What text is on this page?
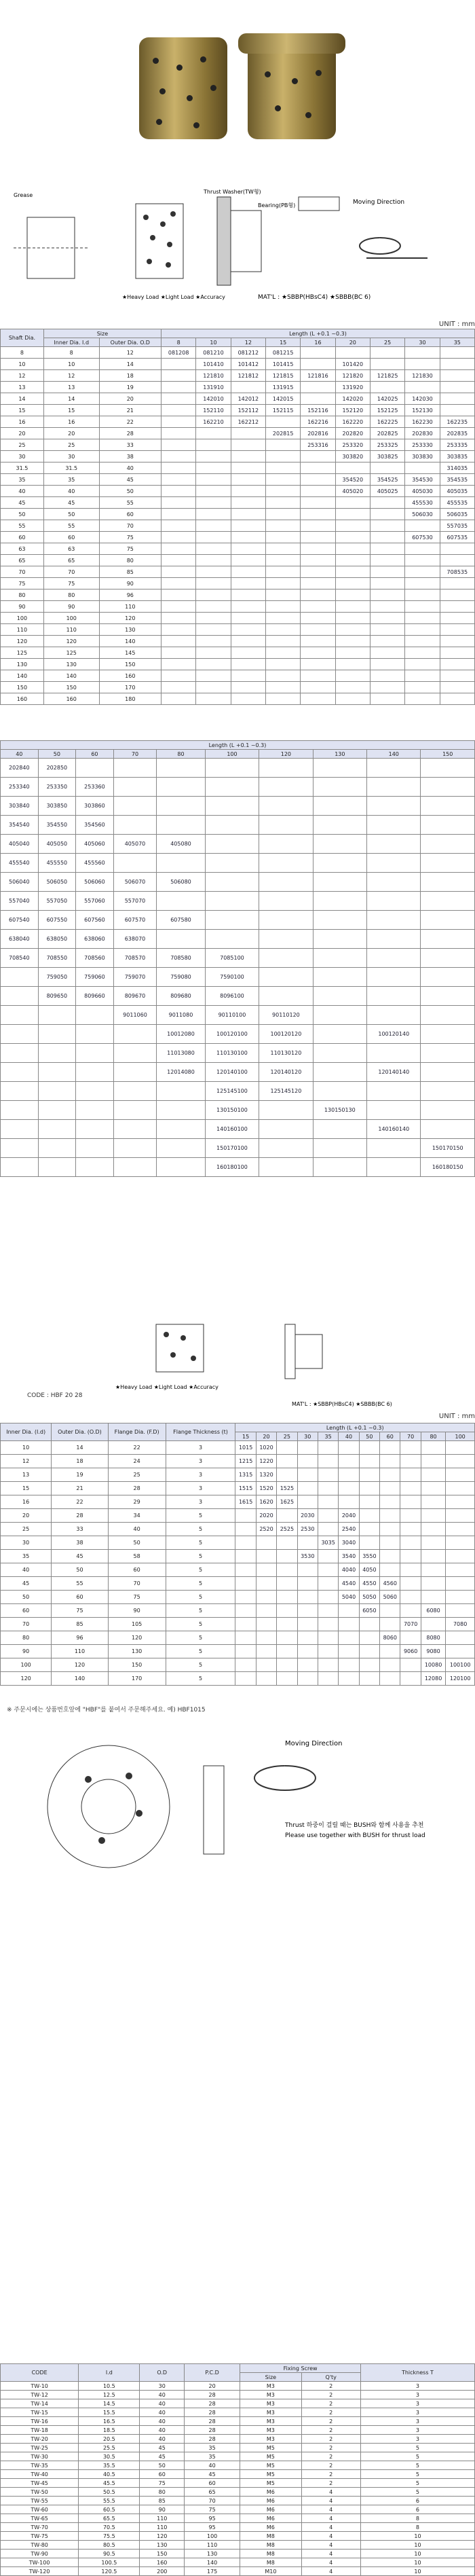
Moving Direction
Thrust Washer(TW형)
Bearing(PB형)
Grease
MAT'L : ★SBBP(HBsC4) ★SBBB(BC 6)
★Heavy Load ★Light Load ★Accuracy
UNIT : mm
Shaft Dia.	Size		Length (L +0.1 ~0.3)								
	Inner Dia. I.d	Outer Dia. O.D	8	10	12	15	16	20	25	30	35
8	8	12	081208	081210	081212	081215					
10	10	14		101410	101412	101415		101420			
12	12	18		121810	121812	121815	121816	121820	121825	121830	
13	13	19		131910		131915		131920			
14	14	20		142010	142012	142015		142020	142025	142030	
15	15	21		152110	152112	152115	152116	152120	152125	152130	
16	16	22		162210	162212		162216	162220	162225	162230	162235
20	20	28				202815	202816	202820	202825	202830	202835
25	25	33					253316	253320	253325	253330	253335
30	30	38						303820	303825	303830	303835
31.5	31.5	40									314035
35	35	45						354520	354525	354530	354535
40	40	50						405020	405025	405030	405035
45	45	55								455530	455535
50	50	60								506030	506035
55	55	70									557035
60	60	75								607530	607535
63	63	75									
65	65	80									
70	70	85									708535
75	75	90									
80	80	96									
90	90	110									
100	100	120									
110	110	130									
120	120	140									
125	125	145									
130	130	150									
140	140	160									
150	150	170									
160	160	180									
Length (L +0.1 ~0.3)									
40	50	60	70	80	100	120	130	140	150
202840	202850								
253340	253350	253360							
303840	303850	303860							
354540	354550	354560							
405040	405050	405060	405070	405080					
455540	455550	455560							
506040	506050	506060	506070	506080					
557040	557050	557060	557070						
607540	607550	607560	607570	607580					
638040	638050	638060	638070						
708540	708550	708560	708570	708580	7085100				
	759050	759060	759070	759080	7590100				
	809650	809660	809670	809680	8096100				
			9011060	9011080	90110100	90110120			
				10012080	100120100	100120120		100120140	
				11013080	110130100	110130120			
				12014080	120140100	120140120		120140140	
					125145100	125145120			
					130150100		130150130		
					140160100			140160140	
					150170100				150170150
					160180100				160180150
★Heavy Load ★Light Load ★Accuracy
MAT'L : ★SBBP(HBsC4) ★SBBB(BC 6)
CODE : HBF 20 28
UNIT : mm
Inner Dia. (I.d)	Outer Dia. (O.D)	Flange Dia. (F.D)	Flange Thickness (t)	Length (L +0.1 ~0.3)										
				15	20	25	30	35	40	50	60	70	80	100
10	14	22	3	1015	1020									
12	18	24	3	1215	1220									
13	19	25	3	1315	1320									
15	21	28	3	1515	1520	1525								
16	22	29	3	1615	1620	1625								
20	28	34	5		2020		2030		2040					
25	33	40	5		2520	2525	2530		2540					
30	38	50	5					3035	3040					
35	45	58	5				3530		3540	3550				
40	50	60	5						4040	4050				
45	55	70	5						4540	4550	4560			
50	60	75	5						5040	5050	5060			
60	75	90	5							6050			6080	
70	85	105	5									7070		7080
80	96	120	5								8060		8080	
90	110	130	5									9060	9080	
100	120	150	5										10080	100100
120	140	170	5										12080	120100
※ 주문시에는 상품번호앞에 "HBF"를 붙여서 주문해주세요. 예) HBF1015
Moving Direction
Thrust 하중이 걸릴 때는 BUSH와 함께 사용을 추천
Please use together with BUSH for thrust load
CODE	I.d	O.D	P.C.D	Fixing Screw		Thickness T
				Size	Q'ty	
TW-10	10.5	30	20	M3	2	3
TW-12	12.5	40	28	M3	2	3
TW-14	14.5	40	28	M3	2	3
TW-15	15.5	40	28	M3	2	3
TW-16	16.5	40	28	M3	2	3
TW-18	18.5	40	28	M3	2	3
TW-20	20.5	40	28	M3	2	3
TW-25	25.5	45	35	M5	2	5
TW-30	30.5	45	35	M5	2	5
TW-35	35.5	50	40	M5	2	5
TW-40	40.5	60	45	M5	2	5
TW-45	45.5	75	60	M5	2	5
TW-50	50.5	80	65	M6	4	5
TW-55	55.5	85	70	M6	4	6
TW-60	60.5	90	75	M6	4	6
TW-65	65.5	110	95	M6	4	8
TW-70	70.5	110	95	M6	4	8
TW-75	75.5	120	100	M8	4	10
TW-80	80.5	130	110	M8	4	10
TW-90	90.5	150	130	M8	4	10
TW-100	100.5	160	140	M8	4	10
TW-120	120.5	200	175	M10	4	10
